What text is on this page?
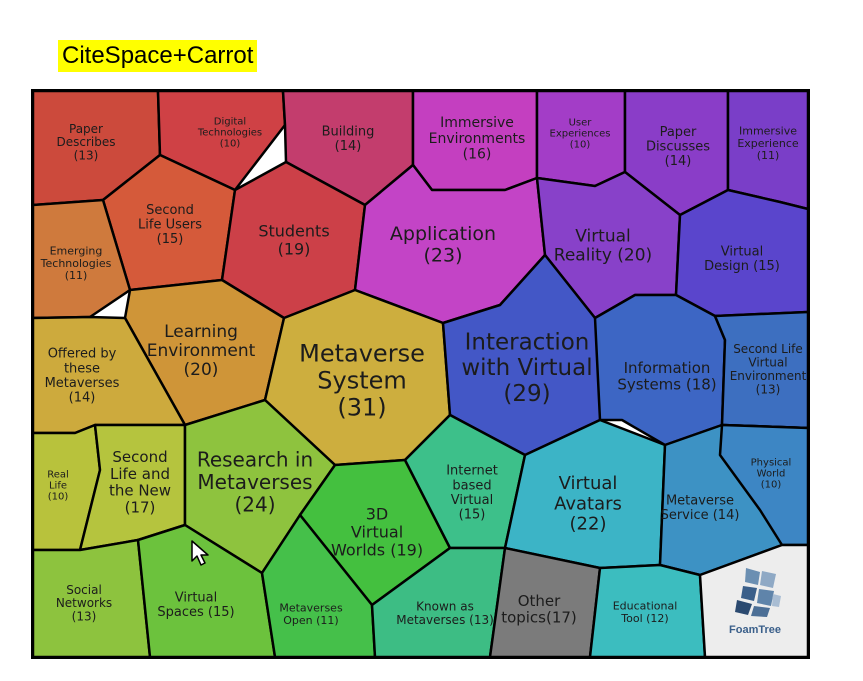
CiteSpace+Carrot
Paper Describes (13)
Digital Technologies (10)
Building (14)
Immersive Environments (16)
User Experiences (10)
Paper Discusses (14)
Immersive Experience (11)
Second Life Users (15)	Students (19)
Application (23)
Virtual Reality (20)	Virtual Design (15)
Emerging Technologies (11)
Learning Environment (20)
Metaverse System (31)
Interaction with Virtual (29)
Information Systems (18)
Second Life Virtual Environment (13)
Offered by these Metaverses (14)
Real Life (10)
Second Life and the New (17)
Research in Metaverses (24)	3D Virtual Worlds (19)
Internet based Virtual (15)
Virtual Avatars (22)
Metaverse Service (14)
Physical World (10)
Social Networks (13)
Virtual Spaces (15)	Metaverses Open (11)
Known as Metaverses (13)
Other topics(17)
Educational Tool (12)
FoamTree
